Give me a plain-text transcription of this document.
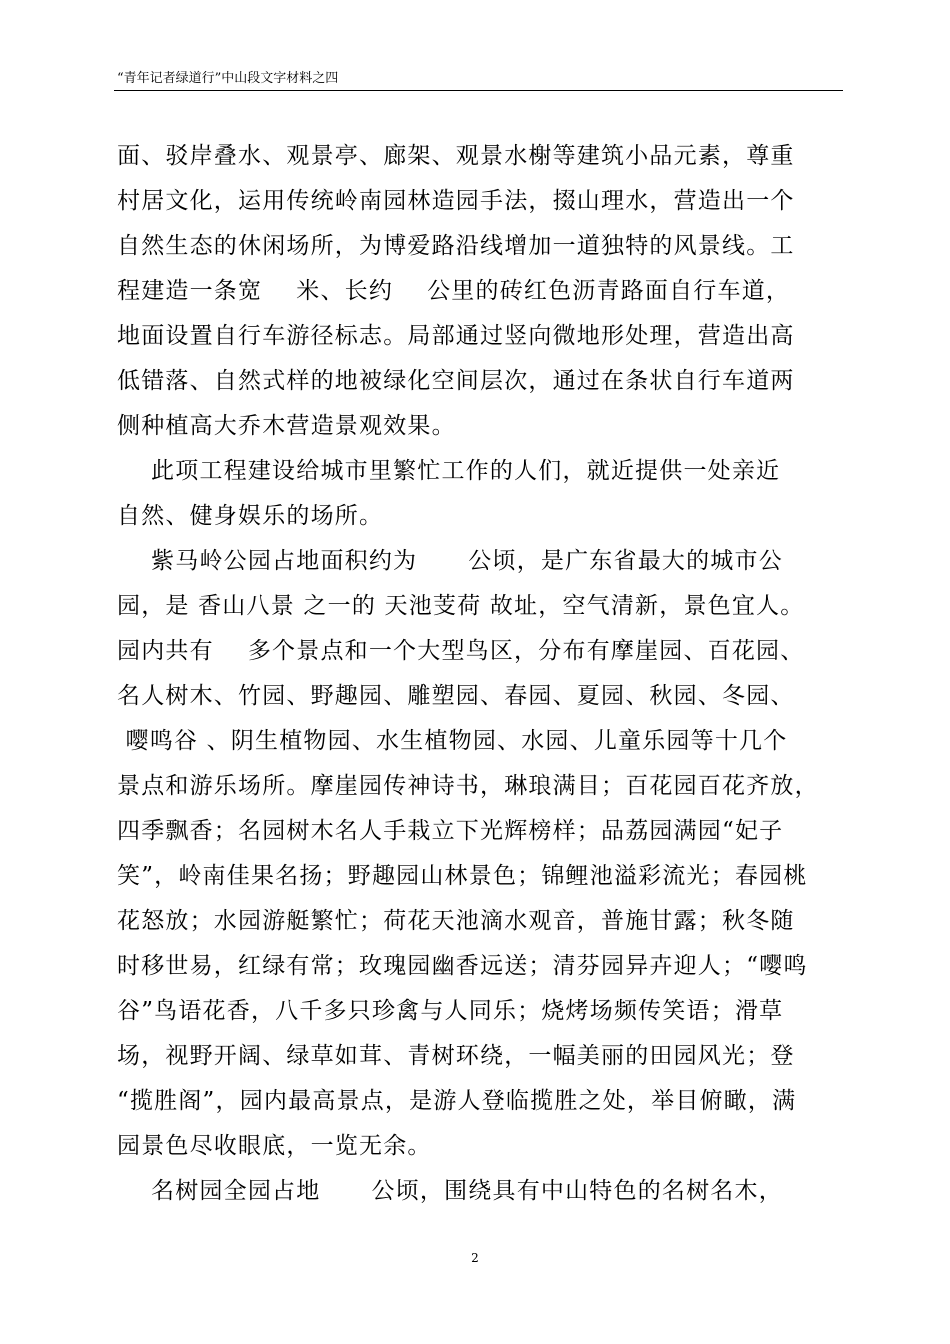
“青年记者绿道行”中山段文字材料之四
面、驳岸叠水、观景亭、廊架、观景水榭等建筑小品元素，尊重
村居文化，运用传统岭南园林造园手法，掇山理水，营造出一个
自然生态的休闲场所，为博爱路沿线增加一道独特的风景线。工
程建造一条宽    米、长约    公里的砖红色沥青路面自行车道，
地面设置自行车游径标志。局部通过竖向微地形处理，营造出高
低错落、自然式样的地被绿化空间层次，通过在条状自行车道两
侧种植高大乔木营造景观效果。
此项工程建设给城市里繁忙工作的人们，就近提供一处亲近
自然、健身娱乐的场所。
紫马岭公园占地面积约为      公顷，是广东省最大的城市公
园，是 香山八景 之一的 天池芰荷 故址，空气清新，景色宜人。
园内共有    多个景点和一个大型鸟区，分布有摩崖园、百花园、
名人树木、竹园、野趣园、雕塑园、春园、夏园、秋园、冬园、
嘤鸣谷 、阴生植物园、水生植物园、水园、儿童乐园等十几个
景点和游乐场所。摩崖园传神诗书，琳琅满目；百花园百花齐放，
四季飘香；名园树木名人手栽立下光辉榜样；品荔园满园“妃子
笑”，岭南佳果名扬；野趣园山林景色；锦鲤池溢彩流光；春园桃
花怒放；水园游艇繁忙；荷花天池滴水观音，普施甘露；秋冬随
时移世易，红绿有常；玫瑰园幽香远送；清芬园异卉迎人；“嘤鸣
谷”鸟语花香，八千多只珍禽与人同乐；烧烤场频传笑语；滑草
场，视野开阔、绿草如茸、青树环绕，一幅美丽的田园风光；登
“揽胜阁”，园内最高景点，是游人登临揽胜之处，举目俯瞰，满
园景色尽收眼底，一览无余。
名树园全园占地      公顷，围绕具有中山特色的名树名木，
2
